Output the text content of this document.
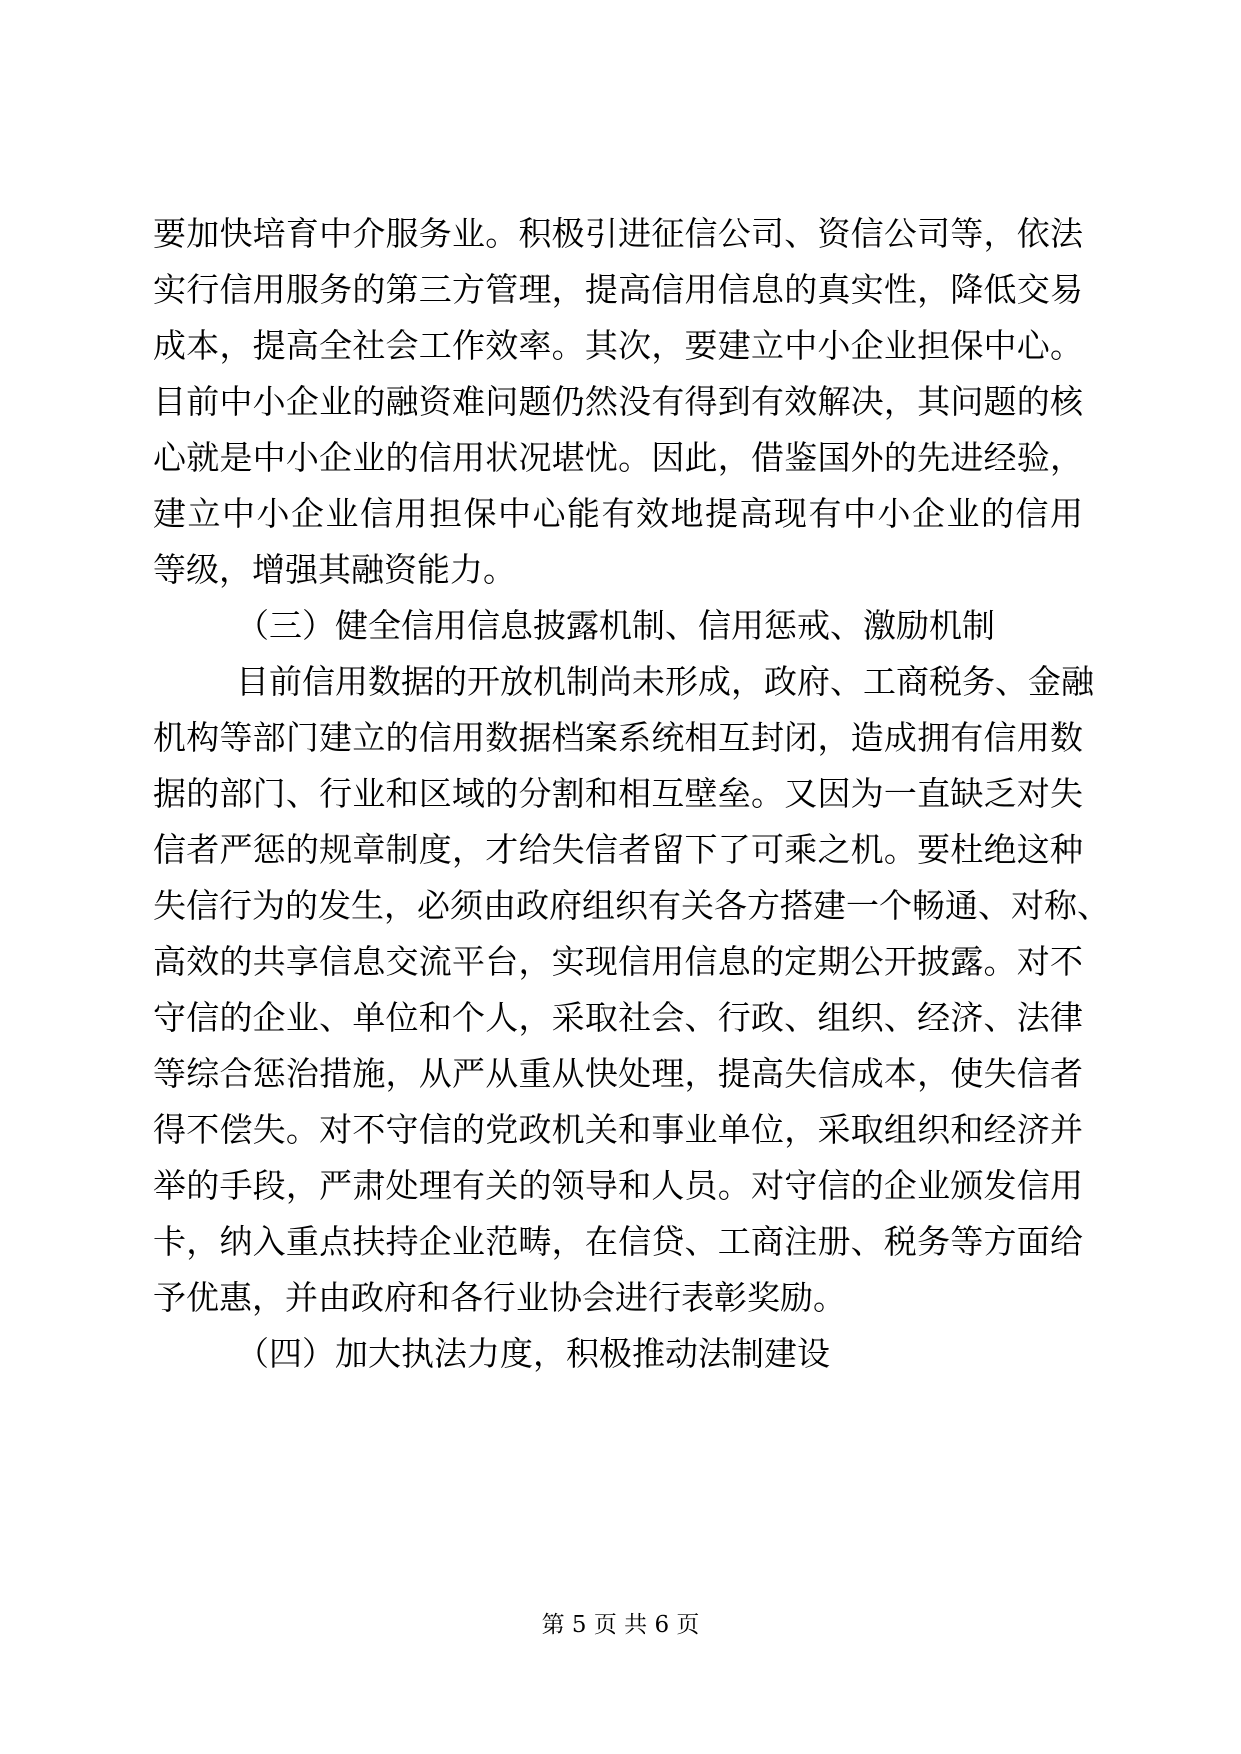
要加快培育中介服务业。积极引进征信公司、资信公司等，依法
实行信用服务的第三方管理，提高信用信息的真实性，降低交易
成本，提高全社会工作效率。其次，要建立中小企业担保中心。
目前中小企业的融资难问题仍然没有得到有效解决，其问题的核
心就是中小企业的信用状况堪忧。因此，借鉴国外的先进经验，
建立中小企业信用担保中心能有效地提高现有中小企业的信用
等级，增强其融资能力。
（三）健全信用信息披露机制、信用惩戒、激励机制
目前信用数据的开放机制尚未形成，政府、工商税务、金融
机构等部门建立的信用数据档案系统相互封闭，造成拥有信用数
据的部门、行业和区域的分割和相互壁垒。又因为一直缺乏对失
信者严惩的规章制度，才给失信者留下了可乘之机。要杜绝这种
失信行为的发生，必须由政府组织有关各方搭建一个畅通、对称、
高效的共享信息交流平台，实现信用信息的定期公开披露。对不
守信的企业、单位和个人，采取社会、行政、组织、经济、法律
等综合惩治措施，从严从重从快处理，提高失信成本，使失信者
得不偿失。对不守信的党政机关和事业单位，采取组织和经济并
举的手段，严肃处理有关的领导和人员。对守信的企业颁发信用
卡，纳入重点扶持企业范畴，在信贷、工商注册、税务等方面给
予优惠，并由政府和各行业协会进行表彰奖励。
（四）加大执法力度，积极推动法制建设
第 5 页 共 6 页
